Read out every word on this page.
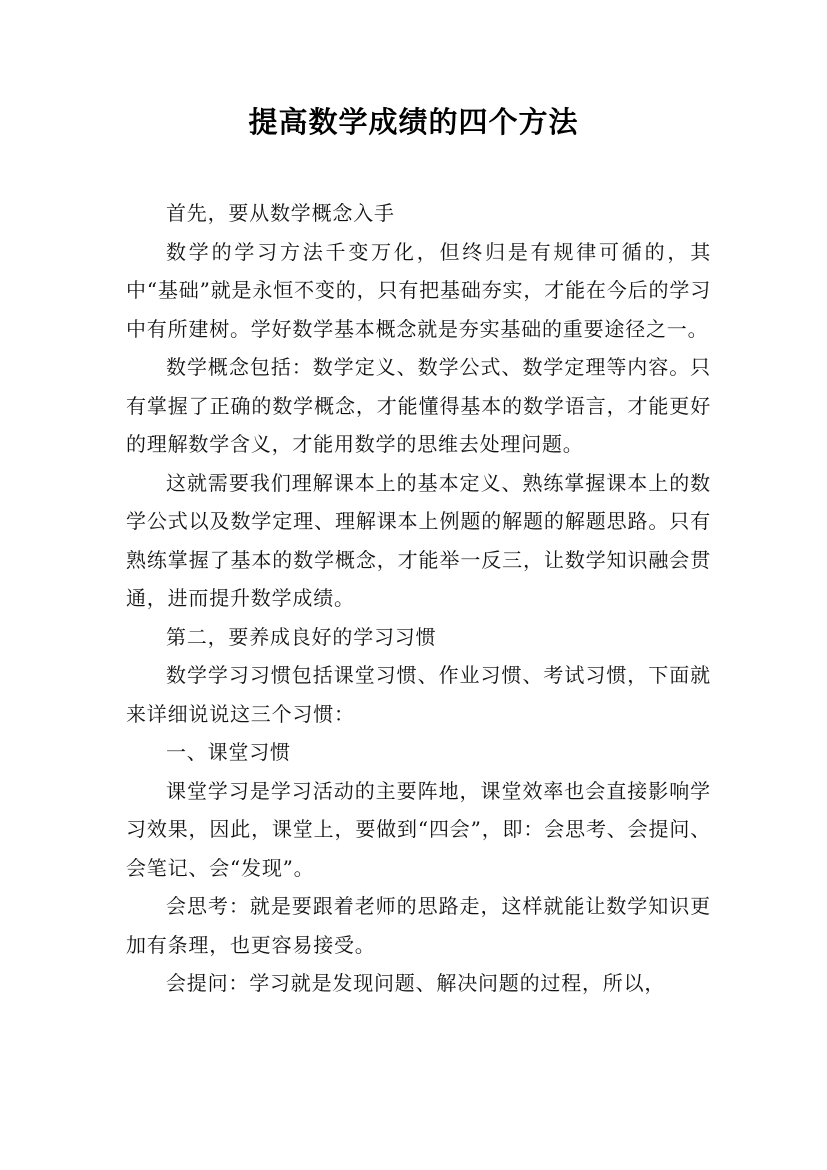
提高数学成绩的四个方法

首先，要从数学概念入手

数学的学习方法千变万化，但终归是有规律可循的，其中“基础”就是永恒不变的，只有把基础夯实，才能在今后的学习中有所建树。学好数学基本概念就是夯实基础的重要途径之一。

数学概念包括：数学定义、数学公式、数学定理等内容。只有掌握了正确的数学概念，才能懂得基本的数学语言，才能更好的理解数学含义，才能用数学的思维去处理问题。

这就需要我们理解课本上的基本定义、熟练掌握课本上的数学公式以及数学定理、理解课本上例题的解题的解题思路。只有熟练掌握了基本的数学概念，才能举一反三，让数学知识融会贯通，进而提升数学成绩。

第二，要养成良好的学习习惯

数学学习习惯包括课堂习惯、作业习惯、考试习惯，下面就来详细说说这三个习惯：

一、课堂习惯

课堂学习是学习活动的主要阵地，课堂效率也会直接影响学习效果，因此，课堂上，要做到“四会”，即：会思考、会提问、会笔记、会“发现”。

会思考：就是要跟着老师的思路走，这样就能让数学知识更加有条理，也更容易接受。

会提问：学习就是发现问题、解决问题的过程，所以，
